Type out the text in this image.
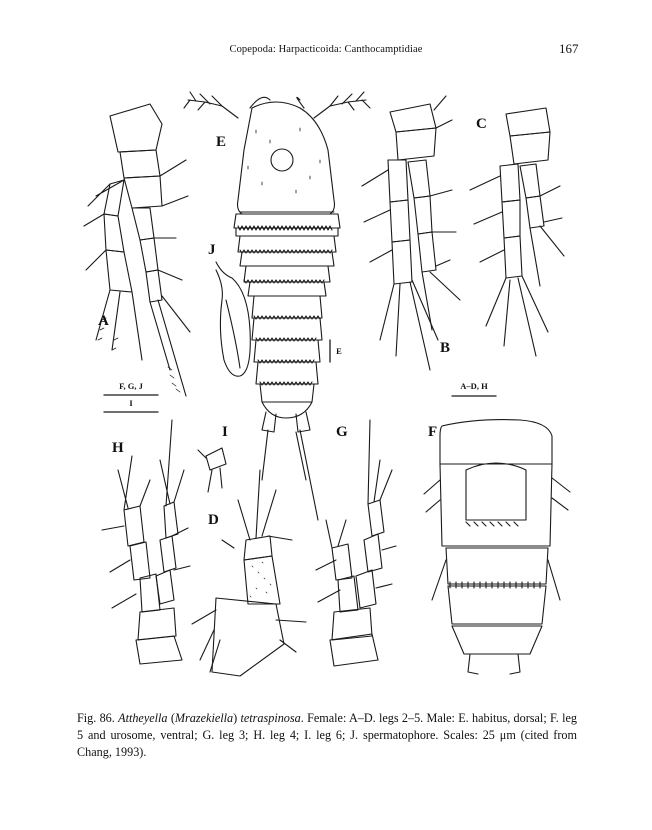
Copepoda: Harpacticoida: Canthocamptidiae	167
A
B
C
D
E
F
G
H
I
J
F, G, J
I
E
A–D, H
Fig. 86. Attheyella (Mrazekiella) tetraspinosa. Female: A–D. legs 2–5. Male: E. habitus, dorsal; F. leg 5 and urosome, ventral; G. leg 3; H. leg 4; I. leg 6; J. spermatophore. Scales: 25 μm (cited from Chang, 1993).
